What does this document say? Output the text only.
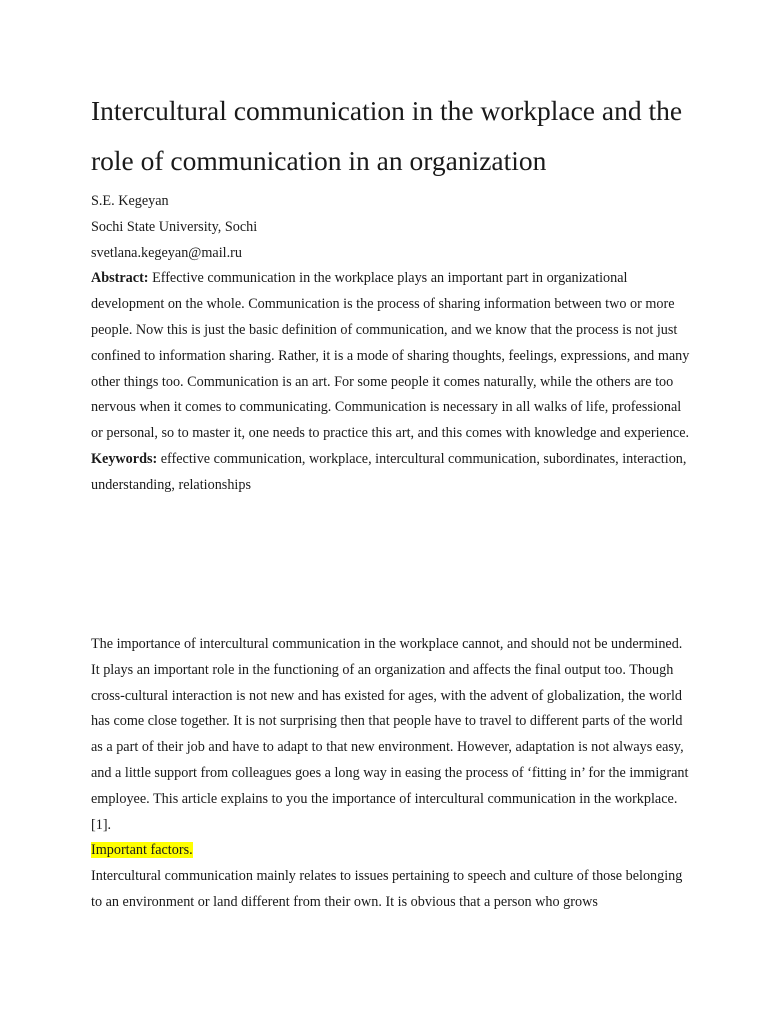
Intercultural communication in the workplace and the role of communication in an organization
S.E. Kegeyan
Sochi State University, Sochi
svetlana.kegeyan@mail.ru

Abstract: Effective communication in the workplace plays an important part in organizational development on the whole. Communication is the process of sharing information between two or more people. Now this is just the basic definition of communication, and we know that the process is not just confined to information sharing. Rather, it is a mode of sharing thoughts, feelings, expressions, and many other things too. Communication is an art. For some people it comes naturally, while the others are too nervous when it comes to communicating. Communication is necessary in all walks of life, professional or personal, so to master it, one needs to practice this art, and this comes with knowledge and experience.

Keywords: effective communication, workplace, intercultural communication, subordinates, interaction, understanding, relationships

The importance of intercultural communication in the workplace cannot, and should not be undermined. It plays an important role in the functioning of an organization and affects the final output too. Though cross-cultural interaction is not new and has existed for ages, with the advent of globalization, the world has come close together. It is not surprising then that people have to travel to different parts of the world as a part of their job and have to adapt to that new environment. However, adaptation is not always easy, and a little support from colleagues goes a long way in easing the process of ‘fitting in’ for the immigrant employee. This article explains to you the importance of intercultural communication in the workplace. [1].

Important factors.

Intercultural communication mainly relates to issues pertaining to speech and culture of those belonging to an environment or land different from their own. It is obvious that a person who grows
